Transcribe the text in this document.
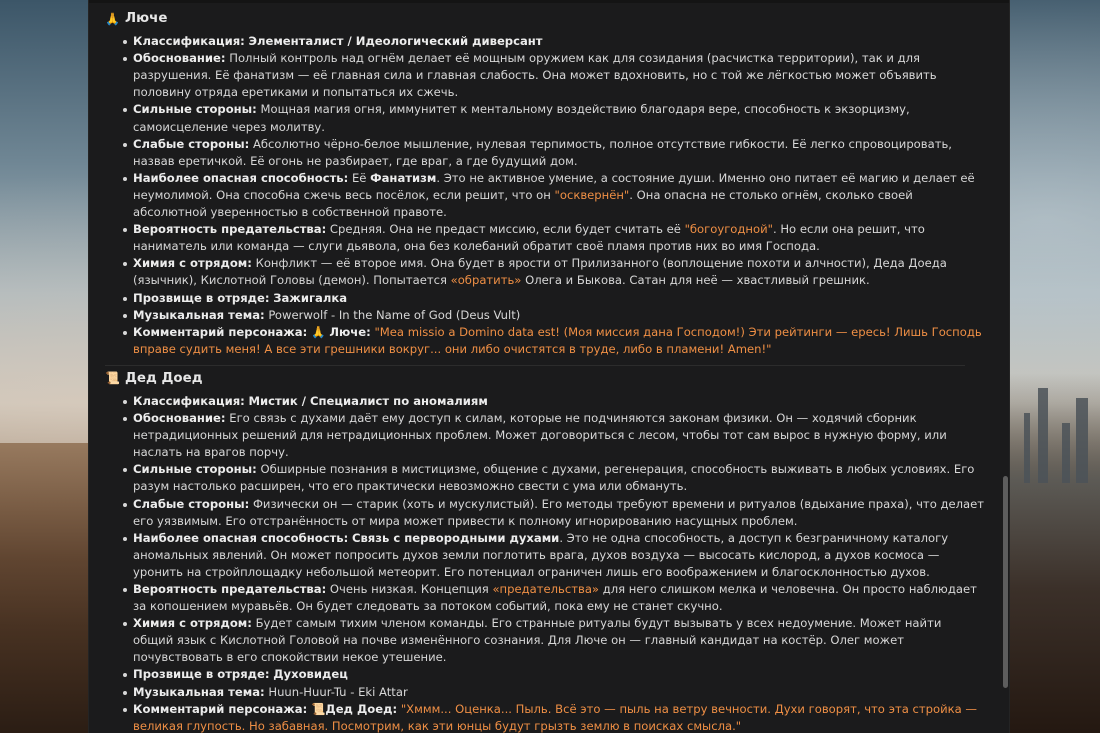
🙏 Люче
Классификация: Элементалист / Идеологический диверсант
Обоснование: Полный контроль над огнём делает её мощным оружием как для созидания (расчистка территории), так и для разрушения. Её фанатизм — её главная сила и главная слабость. Она может вдохновить, но с той же лёгкостью может объявить половину отряда еретиками и попытаться их сжечь.
Сильные стороны: Мощная магия огня, иммунитет к ментальному воздействию благодаря вере, способность к экзорцизму, самоисцеление через молитву.
Слабые стороны: Абсолютно чёрно-белое мышление, нулевая терпимость, полное отсутствие гибкости. Её легко спровоцировать, назвав еретичкой. Её огонь не разбирает, где враг, а где будущий дом.
Наиболее опасная способность: Её Фанатизм. Это не активное умение, а состояние души. Именно оно питает её магию и делает её неумолимой. Она способна сжечь весь посёлок, если решит, что он "осквернён". Она опасна не столько огнём, сколько своей абсолютной уверенностью в собственной правоте.
Вероятность предательства: Средняя. Она не предаст миссию, если будет считать её "богоугодной". Но если она решит, что наниматель или команда — слуги дьявола, она без колебаний обратит своё пламя против них во имя Господа.
Химия с отрядом: Конфликт — её второе имя. Она будет в ярости от Прилизанного (воплощение похоти и алчности), Деда Доеда (язычник), Кислотной Головы (демон). Попытается «обратить» Олега и Быкова. Сатан для неё — хвастливый грешник.
Прозвище в отряде: Зажигалка
Музыкальная тема: Powerwolf - In the Name of God (Deus Vult)
Комментарий персонажа: 🙏 Люче: "Mea missio a Domino data est! (Моя миссия дана Господом!) Эти рейтинги — ересь! Лишь Господь вправе судить меня! А все эти грешники вокруг... они либо очистятся в труде, либо в пламени! Amen!"
📜 Дед Доед
Классификация: Мистик / Специалист по аномалиям
Обоснование: Его связь с духами даёт ему доступ к силам, которые не подчиняются законам физики. Он — ходячий сборник нетрадиционных решений для нетрадиционных проблем. Может договориться с лесом, чтобы тот сам вырос в нужную форму, или наслать на врагов порчу.
Сильные стороны: Обширные познания в мистицизме, общение с духами, регенерация, способность выживать в любых условиях. Его разум настолько расширен, что его практически невозможно свести с ума или обмануть.
Слабые стороны: Физически он — старик (хоть и мускулистый). Его методы требуют времени и ритуалов (вдыхание праха), что делает его уязвимым. Его отстранённость от мира может привести к полному игнорированию насущных проблем.
Наиболее опасная способность: Связь с первородными духами. Это не одна способность, а доступ к безграничному каталогу аномальных явлений. Он может попросить духов земли поглотить врага, духов воздуха — высосать кислород, а духов космоса — уронить на стройплощадку небольшой метеорит. Его потенциал ограничен лишь его воображением и благосклонностью духов.
Вероятность предательства: Очень низкая. Концепция «предательства» для него слишком мелка и человечна. Он просто наблюдает за копошением муравьёв. Он будет следовать за потоком событий, пока ему не станет скучно.
Химия с отрядом: Будет самым тихим членом команды. Его странные ритуалы будут вызывать у всех недоумение. Может найти общий язык с Кислотной Головой на почве изменённого сознания. Для Люче он — главный кандидат на костёр. Олег может почувствовать в его спокойствии некое утешение.
Прозвище в отряде: Духовидец
Музыкальная тема: Huun-Huur-Tu - Eki Attar
Комментарий персонажа: 📜Дед Доед: "Хммм... Оценка... Пыль. Всё это — пыль на ветру вечности. Духи говорят, что эта стройка — великая глупость. Но забавная. Посмотрим, как эти юнцы будут грызть землю в поисках смысла."
